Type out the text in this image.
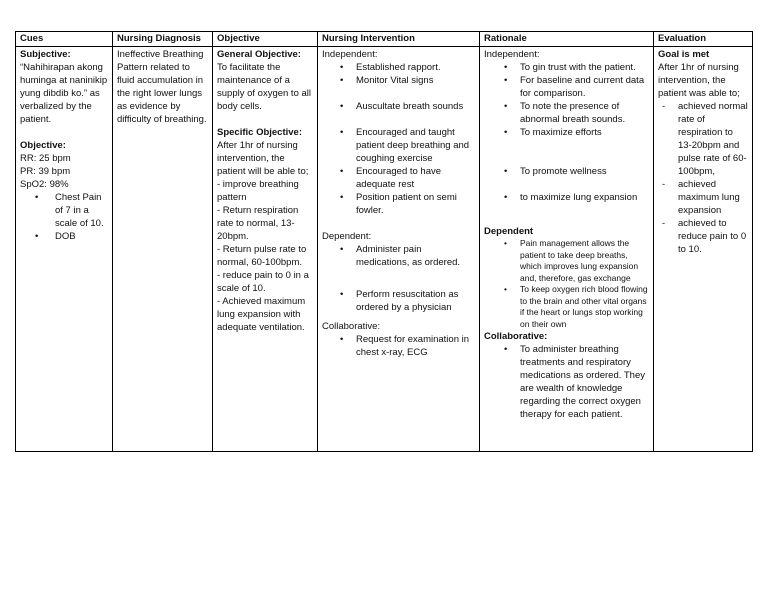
Cues
Subjective:
“Nahihirapan akong huminga at naninikip yung dibdib ko.” as verbalized by the patient.
Objective:
RR: 25 bpm
PR: 39 bpm
SpO2: 98%
• Chest Pain of 7 in a scale of 10.
• DOB
Nursing Diagnosis
Ineffective Breathing Pattern related to fluid accumulation in the right lower lungs as evidence by difficulty of breathing.
Objective
General Objective:
To facilitate the maintenance of a supply of oxygen to all body cells.
Specific Objective:
After 1hr of nursing intervention, the patient will be able to;
- improve breathing pattern
- Return respiration rate to normal, 13-20bpm.
- Return pulse rate to normal, 60-100bpm.
- reduce pain to 0 in a scale of 10.
- Achieved maximum lung expansion with adequate ventilation.
Nursing Intervention
Independent:
• Established rapport.
• Monitor Vital signs
• Auscultate breath sounds
• Encouraged and taught patient deep breathing and coughing exercise
• Encouraged to have adequate rest
• Position patient on semi fowler.
Dependent:
• Administer pain medications, as ordered.
• Perform resuscitation as ordered by a physician
Collaborative:
• Request for examination in chest x-ray, ECG
Rationale
Independent:
• To gin trust with the patient.
• For baseline and current data for comparison.
• To note the presence of abnormal breath sounds.
• To maximize efforts
• To promote wellness
• to maximize lung expansion
Dependent
• Pain management allows the patient to take deep breaths, which improves lung expansion and, therefore, gas exchange
• To keep oxygen rich blood flowing to the brain and other vital organs if the heart or lungs stop working on their own
Collaborative:
• To administer breathing treatments and respiratory medications as ordered. They are wealth of knowledge regarding the correct oxygen therapy for each patient.
Evaluation
Goal is met
After 1hr of nursing intervention, the patient was able to;
- achieved normal rate of respiration to 13-20bpm and pulse rate of 60-100bpm,
- achieved maximum lung expansion
- achieved to reduce pain to 0 to 10.
